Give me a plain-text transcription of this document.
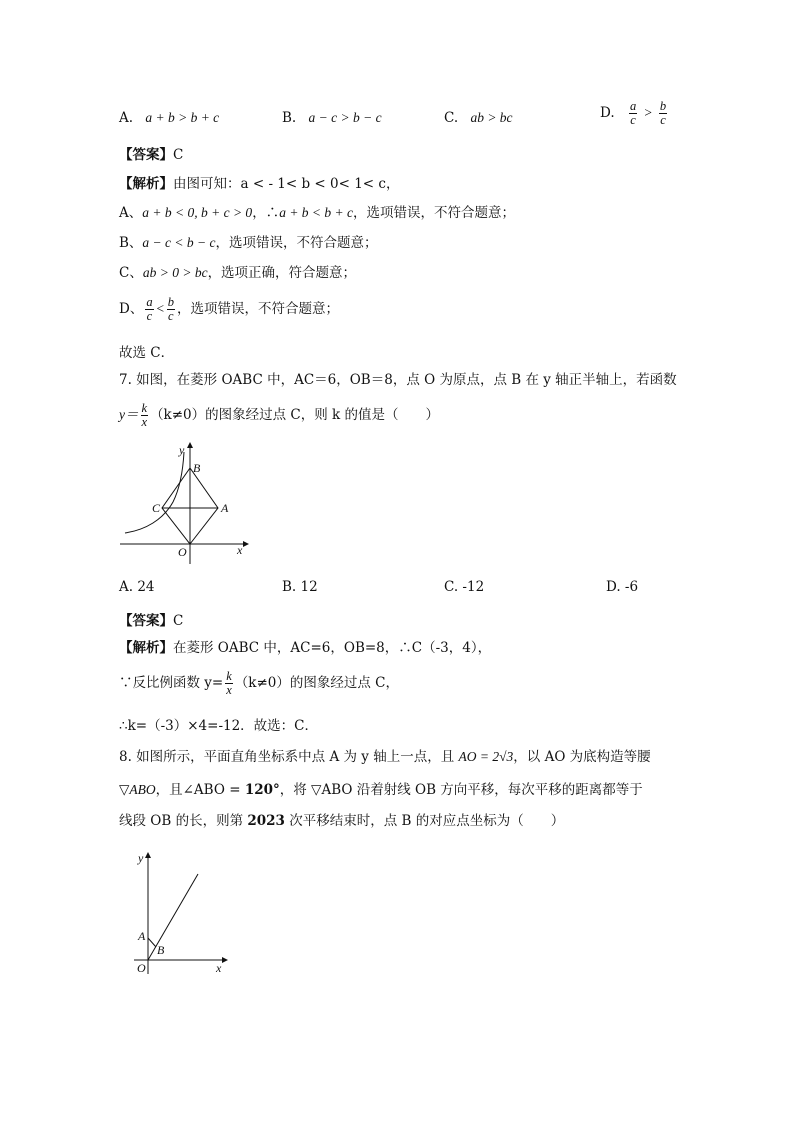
A. a + b > b + c	B. a − c > b − c	C. ab > bc	D. $\frac{a}{c} > \frac{b}{c}$
【答案】C
【解析】由图可知：a < - 1< b < 0< 1< c，
A、a + b < 0, b + c > 0，∴a + b < b + c，选项错误，不符合题意；
B、a − c < b − c，选项错误，不符合题意；
C、ab > 0 > bc，选项正确，符合题意；
D、 $\frac{a}{c} < \frac{b}{c}$ ，选项错误，不符合题意；
故选 C．
7. 如图，在菱形 OABC 中，AC＝6，OB＝8，点 O 为原点，点 B 在 y 轴正半轴上，若函数
$y= \frac{k}{x} (k\ne 0)$的图象经过点 C，则 k 的值是（　　）
y
B
C	A
O	x
A. 24	B. 12	C. -12	D. -6
【答案】C
【解析】在菱形 OABC 中，AC=6，OB=8，∴C（-3，4），
∵反比例函数 $y= \frac{k}{x} (k\ne 0)$的图象经过点 C，
∴k=（-3）×4=-12．故选：C．
8. 如图所示，平面直角坐标系中点 A 为 y 轴上一点，且 AO = 2√3，以 AO 为底构造等腰
▽ABO，且∠ABO = 120°，将 ▽ABO 沿着射线 OB 方向平移，每次平移的距离都等于
线段 OB 的长，则第 2023 次平移结束时，点 B 的对应点坐标为（　　）
y
A
B
O	x
